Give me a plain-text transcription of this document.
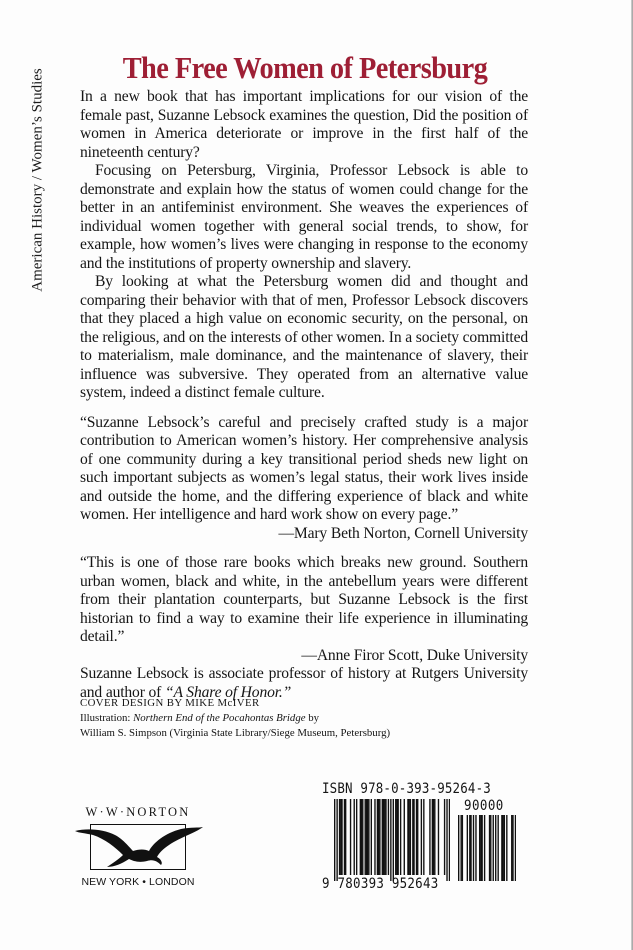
American History / Women’s Studies
The Free Women of Petersburg

In a new book that has important implications for our vision of the female past, Suzanne Lebsock examines the question, Did the position of women in America deteriorate or improve in the first half of the nineteenth century?

Focusing on Petersburg, Virginia, Professor Lebsock is able to demonstrate and explain how the status of women could change for the better in an antifeminist environment. She weaves the experiences of individual women together with general social trends, to show, for example, how women’s lives were changing in response to the economy and the institutions of property ownership and slavery.

By looking at what the Petersburg women did and thought and comparing their behavior with that of men, Professor Lebsock discovers that they placed a high value on economic security, on the personal, on the religious, and on the interests of other women. In a society committed to materialism, male dominance, and the maintenance of slavery, their influence was subversive. They operated from an alternative value system, indeed a distinct female culture.

“Suzanne Lebsock’s careful and precisely crafted study is a major contribution to American women’s history. Her comprehensive analysis of one community during a key transitional period sheds new light on such important subjects as women’s legal status, their work lives inside and outside the home, and the differing experience of black and white women. Her intelligence and hard work show on every page.”

—Mary Beth Norton, Cornell University

“This is one of those rare books which breaks new ground. Southern urban women, black and white, in the antebellum years were different from their plantation counterparts, but Suzanne Lebsock is the first historian to find a way to examine their life experience in illuminating detail.”

—Anne Firor Scott, Duke University

Suzanne Lebsock is associate professor of history at Rutgers University and author of “A Share of Honor.”

COVER DESIGN BY MIKE McIVER
Illustration: Northern End of the Pocahontas Bridge by
William S. Simpson (Virginia State Library/Siege Museum, Petersburg)
W·W·NORTON
NEW YORK • LONDON
ISBN 978-0-393-95264-3
90000
9 780393 952643
